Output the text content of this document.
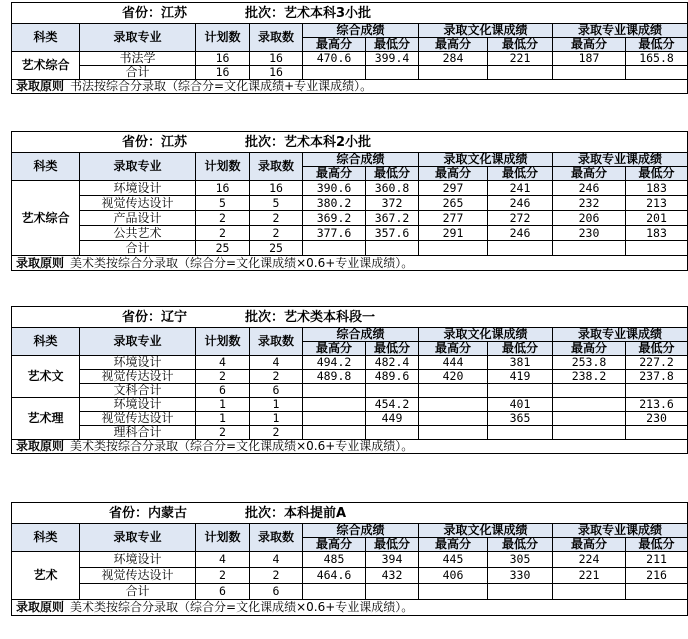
省份：江苏 批次：艺术本科3小批									
科类	录取专业	计划数	录取数	综合成绩		录取文化课成绩		录取专业课成绩	
				最高分	最低分	最高分	最低分	最高分	最低分
艺术综合	书法学	16	16	470.6	399.4	284	221	187	165.8
	合计	16	16						
录取原则 书法按综合分录取（综合分=文化课成绩+专业课成绩）。									
省份：江苏 批次：艺术本科2小批									
科类	录取专业	计划数	录取数	综合成绩		录取文化课成绩		录取专业课成绩	
				最高分	最低分	最高分	最低分	最高分	最低分
艺术综合	环境设计	16	16	390.6	360.8	297	241	246	183
	视觉传达设计	5	5	380.2	372	265	246	232	213
	产品设计	2	2	369.2	367.2	277	272	206	201
	公共艺术	2	2	377.6	357.6	291	246	230	183
	合计	25	25						
录取原则 美术类按综合分录取（综合分=文化课成绩×0.6+专业课成绩）。									
省份：辽宁 批次：艺术类本科段一									
科类	录取专业	计划数	录取数	综合成绩		录取文化课成绩		录取专业课成绩	
				最高分	最低分	最高分	最低分	最高分	最低分
艺术文	环境设计	4	4	494.2	482.4	444	381	253.8	227.2
	视觉传达设计	2	2	489.8	489.6	420	419	238.2	237.8
	文科合计	6	6						
艺术理	环境设计	1	1		454.2		401		213.6
	视觉传达设计	1	1		449		365		230
	理科合计	2	2						
录取原则 美术类按综合分录取（综合分=文化课成绩×0.6+专业课成绩）。									
省份：内蒙古 批次：本科提前A									
科类	录取专业	计划数	录取数	综合成绩		录取文化课成绩		录取专业课成绩	
				最高分	最低分	最高分	最低分	最高分	最低分
艺术	环境设计	4	4	485	394	445	305	224	211
	视觉传达设计	2	2	464.6	432	406	330	221	216
	合计	6	6						
录取原则 美术类按综合分录取（综合分=文化课成绩×0.6+专业课成绩）。									
